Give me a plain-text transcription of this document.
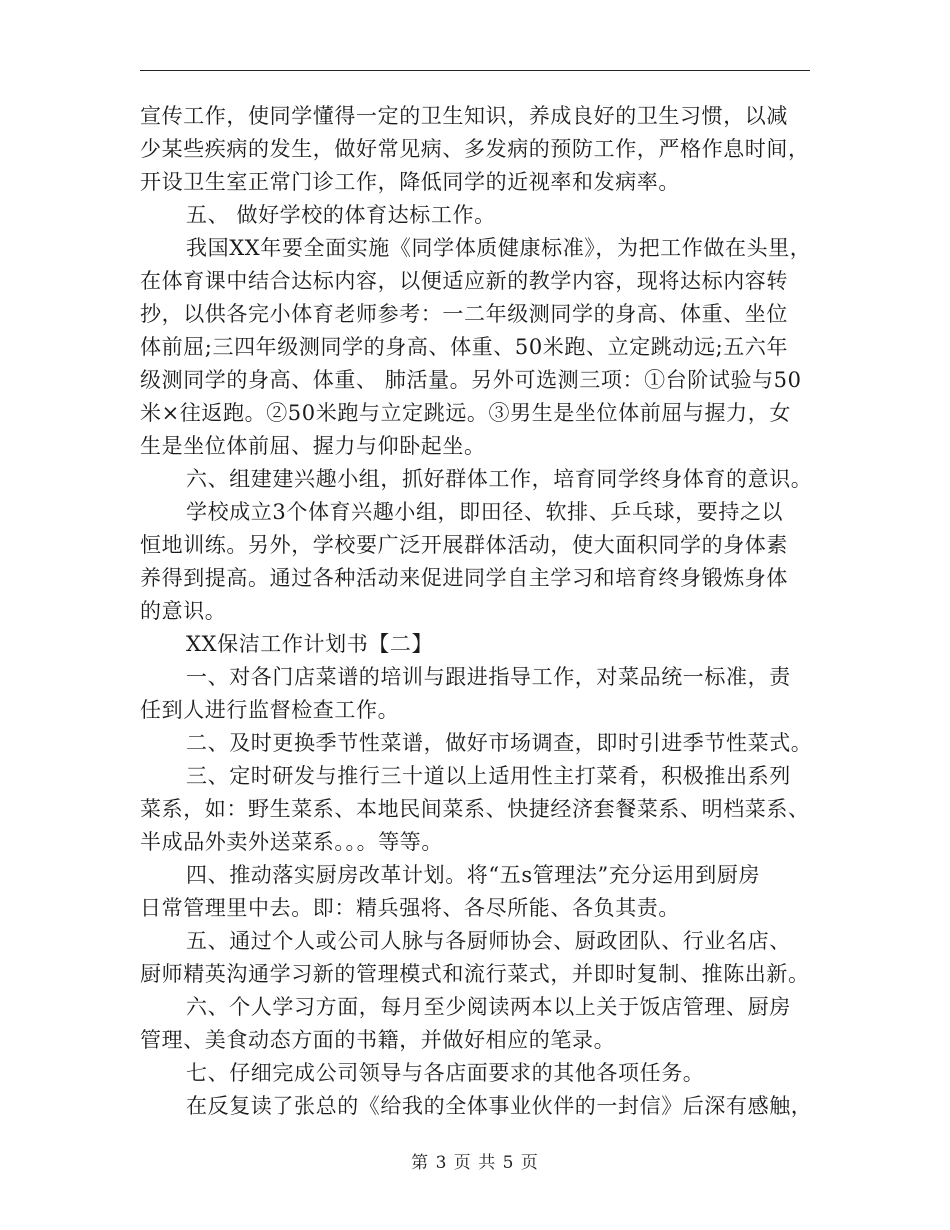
宣传工作，使同学懂得一定的卫生知识，养成良好的卫生习惯，以减
少某些疾病的发生，做好常见病、多发病的预防工作，严格作息时间，
开设卫生室正常门诊工作，降低同学的近视率和发病率。
五、 做好学校的体育达标工作。
我国XX年要全面实施《同学体质健康标准》，为把工作做在头里，
在体育课中结合达标内容，以便适应新的教学内容，现将达标内容转
抄，以供各完小体育老师参考：一二年级测同学的身高、体重、坐位
体前屈;三四年级测同学的身高、体重、50米跑、立定跳动远;五六年
级测同学的身高、体重、 肺活量。另外可选测三项：①台阶试验与50
米×往返跑。②50米跑与立定跳远。③男生是坐位体前屈与握力，女
生是坐位体前屈、握力与仰卧起坐。
六、组建建兴趣小组，抓好群体工作，培育同学终身体育的意识。
学校成立3个体育兴趣小组，即田径、软排、乒乓球，要持之以
恒地训练。另外，学校要广泛开展群体活动，使大面积同学的身体素
养得到提高。通过各种活动来促进同学自主学习和培育终身锻炼身体
的意识。
XX保洁工作计划书【二】
一、对各门店菜谱的培训与跟进指导工作，对菜品统一标准，责
任到人进行监督检查工作。
二、及时更换季节性菜谱，做好市场调查，即时引进季节性菜式。
三、定时研发与推行三十道以上适用性主打菜肴，积极推出系列
菜系，如：野生菜系、本地民间菜系、快捷经济套餐菜系、明档菜系、
半成品外卖外送菜系。。。等等。
四、推动落实厨房改革计划。将“五s管理法”充分运用到厨房
日常管理里中去。即：精兵强将、各尽所能、各负其责。
五、通过个人或公司人脉与各厨师协会、厨政团队、行业名店、
厨师精英沟通学习新的管理模式和流行菜式，并即时复制、推陈出新。
六、个人学习方面，每月至少阅读两本以上关于饭店管理、厨房
管理、美食动态方面的书籍，并做好相应的笔录。
七、仔细完成公司领导与各店面要求的其他各项任务。
在反复读了张总的《给我的全体事业伙伴的一封信》后深有感触，
第 3 页 共 5 页
